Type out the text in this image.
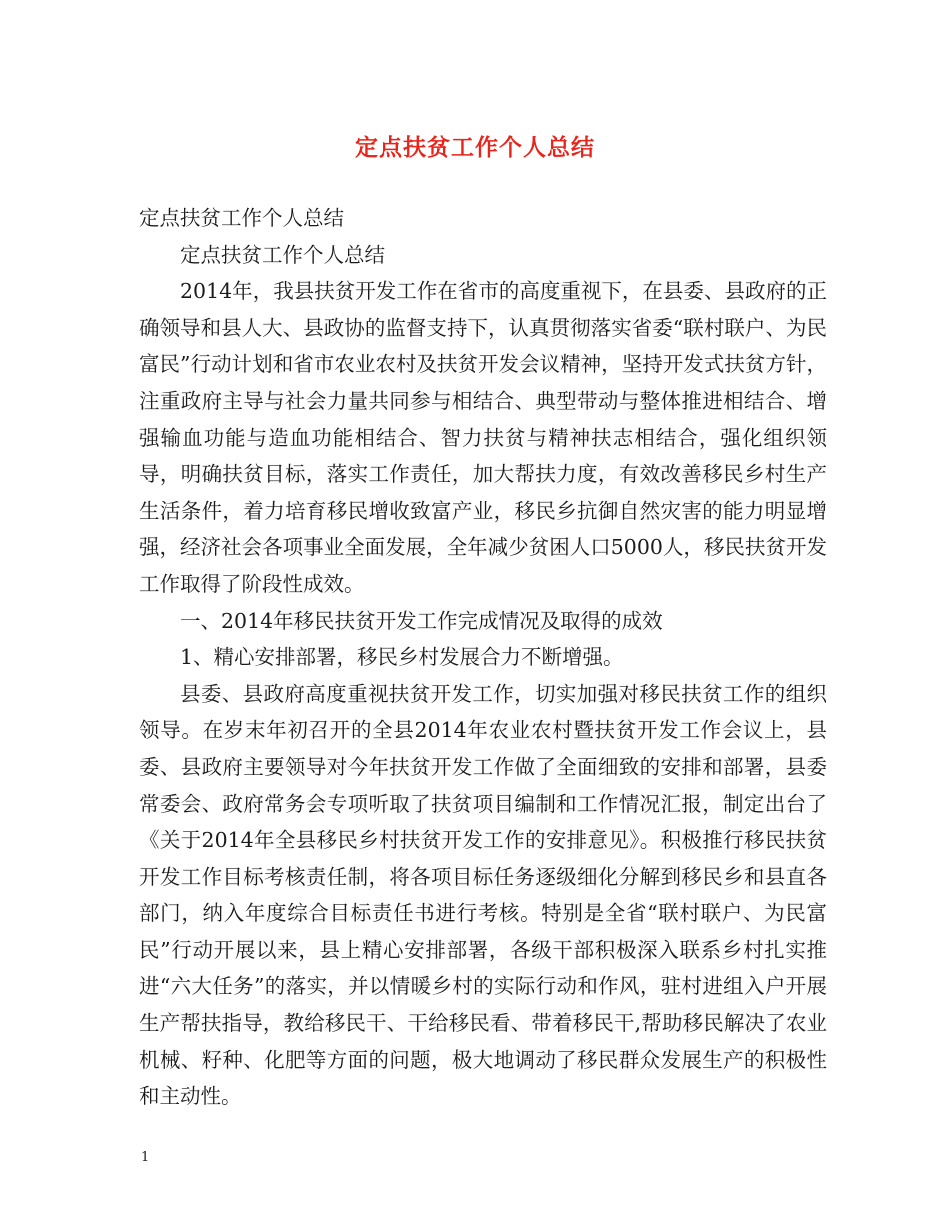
定点扶贫工作个人总结

定点扶贫工作个人总结

定点扶贫工作个人总结

2014年，我县扶贫开发工作在省市的高度重视下，在县委、县政府的正确领导和县人大、县政协的监督支持下，认真贯彻落实省委“联村联户、为民富民”行动计划和省市农业农村及扶贫开发会议精神，坚持开发式扶贫方针，注重政府主导与社会力量共同参与相结合、典型带动与整体推进相结合、增强输血功能与造血功能相结合、智力扶贫与精神扶志相结合，强化组织领导，明确扶贫目标，落实工作责任，加大帮扶力度，有效改善移民乡村生产生活条件，着力培育移民增收致富产业，移民乡抗御自然灾害的能力明显增强，经济社会各项事业全面发展，全年减少贫困人口5000人，移民扶贫开发工作取得了阶段性成效。

一、2014年移民扶贫开发工作完成情况及取得的成效

1、精心安排部署，移民乡村发展合力不断增强。

县委、县政府高度重视扶贫开发工作，切实加强对移民扶贫工作的组织领导。在岁末年初召开的全县2014年农业农村暨扶贫开发工作会议上，县委、县政府主要领导对今年扶贫开发工作做了全面细致的安排和部署，县委常委会、政府常务会专项听取了扶贫项目编制和工作情况汇报，制定出台了《关于2014年全县移民乡村扶贫开发工作的安排意见》。积极推行移民扶贫开发工作目标考核责任制，将各项目标任务逐级细化分解到移民乡和县直各部门，纳入年度综合目标责任书进行考核。特别是全省“联村联户、为民富民”行动开展以来，县上精心安排部署，各级干部积极深入联系乡村扎实推进“六大任务”的落实，并以情暖乡村的实际行动和作风，驻村进组入户开展生产帮扶指导，教给移民干、干给移民看、带着移民干,帮助移民解决了农业机械、籽种、化肥等方面的问题，极大地调动了移民群众发展生产的积极性和主动性。

1
